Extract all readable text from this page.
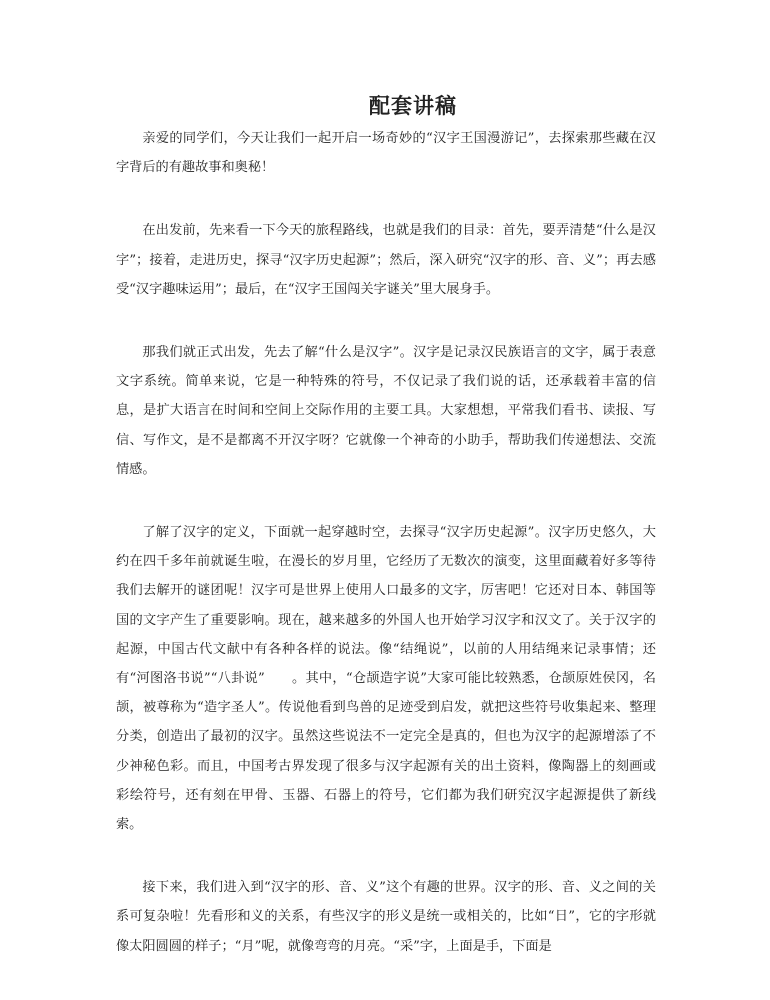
配套讲稿

亲爱的同学们，今天让我们一起开启一场奇妙的“汉字王国漫游记”，去探索那些藏在汉字背后的有趣故事和奥秘！

在出发前，先来看一下今天的旅程路线，也就是我们的目录：首先，要弄清楚“什么是汉字”；接着，走进历史，探寻“汉字历史起源”；然后，深入研究“汉字的形、音、义”；再去感受“汉字趣味运用”；最后，在“汉字王国闯关字谜关”里大展身手。

那我们就正式出发，先去了解“什么是汉字”。汉字是记录汉民族语言的文字，属于表意文字系统。简单来说，它是一种特殊的符号，不仅记录了我们说的话，还承载着丰富的信息，是扩大语言在时间和空间上交际作用的主要工具。大家想想，平常我们看书、读报、写信、写作文，是不是都离不开汉字呀？它就像一个神奇的小助手，帮助我们传递想法、交流情感。

了解了汉字的定义，下面就一起穿越时空，去探寻“汉字历史起源”。汉字历史悠久，大约在四千多年前就诞生啦，在漫长的岁月里，它经历了无数次的演变，这里面藏着好多等待我们去解开的谜团呢！汉字可是世界上使用人口最多的文字，厉害吧！它还对日本、韩国等国的文字产生了重要影响。现在，越来越多的外国人也开始学习汉字和汉文了。关于汉字的起源，中国古代文献中有各种各样的说法。像“结绳说”，以前的人用结绳来记录事情；还有“河图洛书说”“八卦说”　　。其中，“仓颉造字说”大家可能比较熟悉，仓颉原姓侯冈，名颉，被尊称为“造字圣人”。传说他看到鸟兽的足迹受到启发，就把这些符号收集起来、整理分类，创造出了最初的汉字。虽然这些说法不一定完全是真的，但也为汉字的起源增添了不少神秘色彩。而且，中国考古界发现了很多与汉字起源有关的出土资料，像陶器上的刻画或彩绘符号，还有刻在甲骨、玉器、石器上的符号，它们都为我们研究汉字起源提供了新线索。

接下来，我们进入到“汉字的形、音、义”这个有趣的世界。汉字的形、音、义之间的关系可复杂啦！先看形和义的关系，有些汉字的形义是统一或相关的，比如“日”，它的字形就像太阳圆圆的样子；“月”呢，就像弯弯的月亮。“采”字，上面是手，下面是
